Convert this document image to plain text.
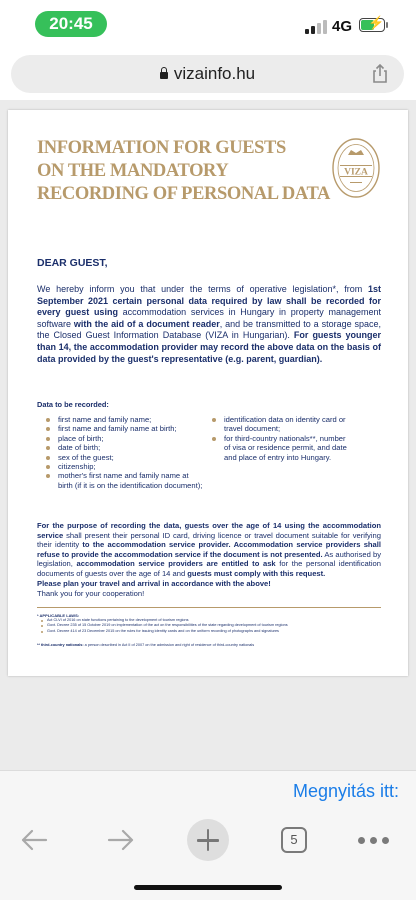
20:45	4G ⚡
vizainfo.hu
INFORMATION FOR GUESTS
ON THE MANDATORY
RECORDING OF PERSONAL DATA
VIZA
DEAR GUEST,
We hereby inform you that under the terms of operative legislation*, from 1st September 2021 certain personal data required by law shall be recorded for every guest using accommodation services in Hungary in property management software with the aid of a document reader, and be transmitted to a storage space, the Closed Guest Information Database (VIZA in Hungarian). For guests younger than 14, the accommodation provider may record the above data on the basis of data provided by the guest's representative (e.g. parent, guardian).
Data to be recorded:
first name and family name;
first name and family name at birth;
place of birth;
date of birth;
sex of the guest;
citizenship;
mother's first name and family name at birth (if it is on the identification document);
identification data on identity card or travel document;
for third-country nationals**, number of visa or residence permit, and date and place of entry into Hungary.
For the purpose of recording the data, guests over the age of 14 using the accommodation service shall present their personal ID card, driving licence or travel document suitable for verifying their identity to the accommodation service provider. Accommodation service providers shall refuse to provide the accommodation service if the document is not presented. As authorised by legislation, accommodation service providers are entitled to ask for the personal identification documents of guests over the age of 14 and guests must comply with this request.
Please plan your travel and arrival in accordance with the above!
Thank you for your cooperation!
* APPLICABLE LAWS:
Act CLVI of 2016 on state functions pertaining to the development of tourism regions
Govt. Decree 235 of 15 October 2019 on implementation of the act on the responsibilities of the state regarding development of tourism regions
Govt. Decree 414 of 23 December 2015 on the rules for issuing identity cards and on the uniform recording of photographs and signatures
** third-country nationals: a person described in Act II of 2007 on the admission and right of residence of third-country nationals
Megnyitás itt:
5
